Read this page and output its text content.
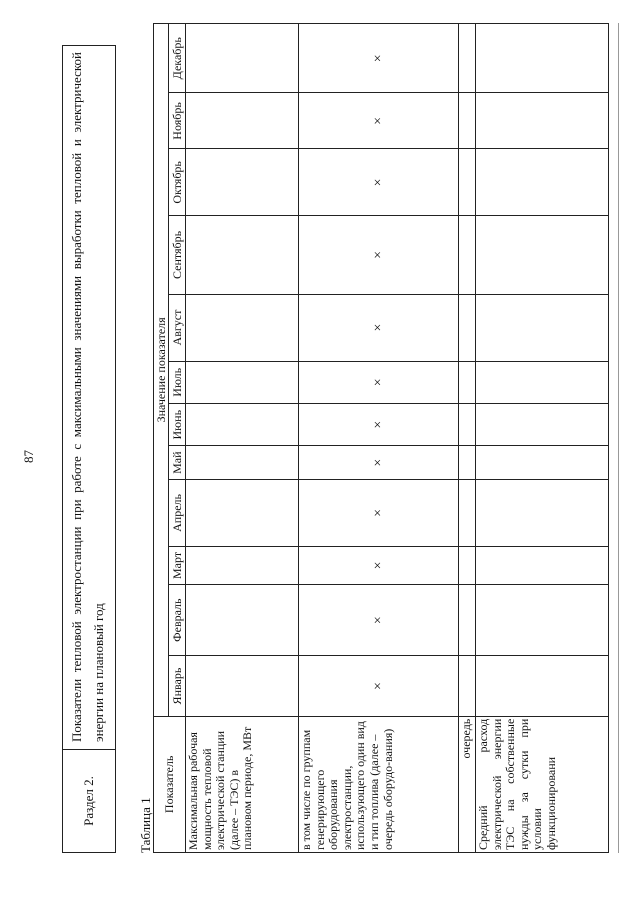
87
Раздел 2.
Показатели тепловой электростанции при работе с максимальными значениями выработки тепловой и электрической энергии на плановый год
Таблица 1
Показатель	Значение показателя											
	Январь	Февраль	Март	Апрель	Май	Июнь	Июль	Август	Сентябрь	Октябрь	Ноябрь	Декабрь
Максимальная рабочая мощность тепловой электрической станции (далее – ТЭС) в плановом периоде, МВт												
в том числе по группам генерирующего оборудования электростанции, использующего один вид и тип топлива (далее – очередь оборудо-вания)	×	×	×	×	×	×	×	×	×	×	×	×
очередь												
Средний расход электрической энергии ТЭС на собственные нужды за сутки при условии функционировани												
